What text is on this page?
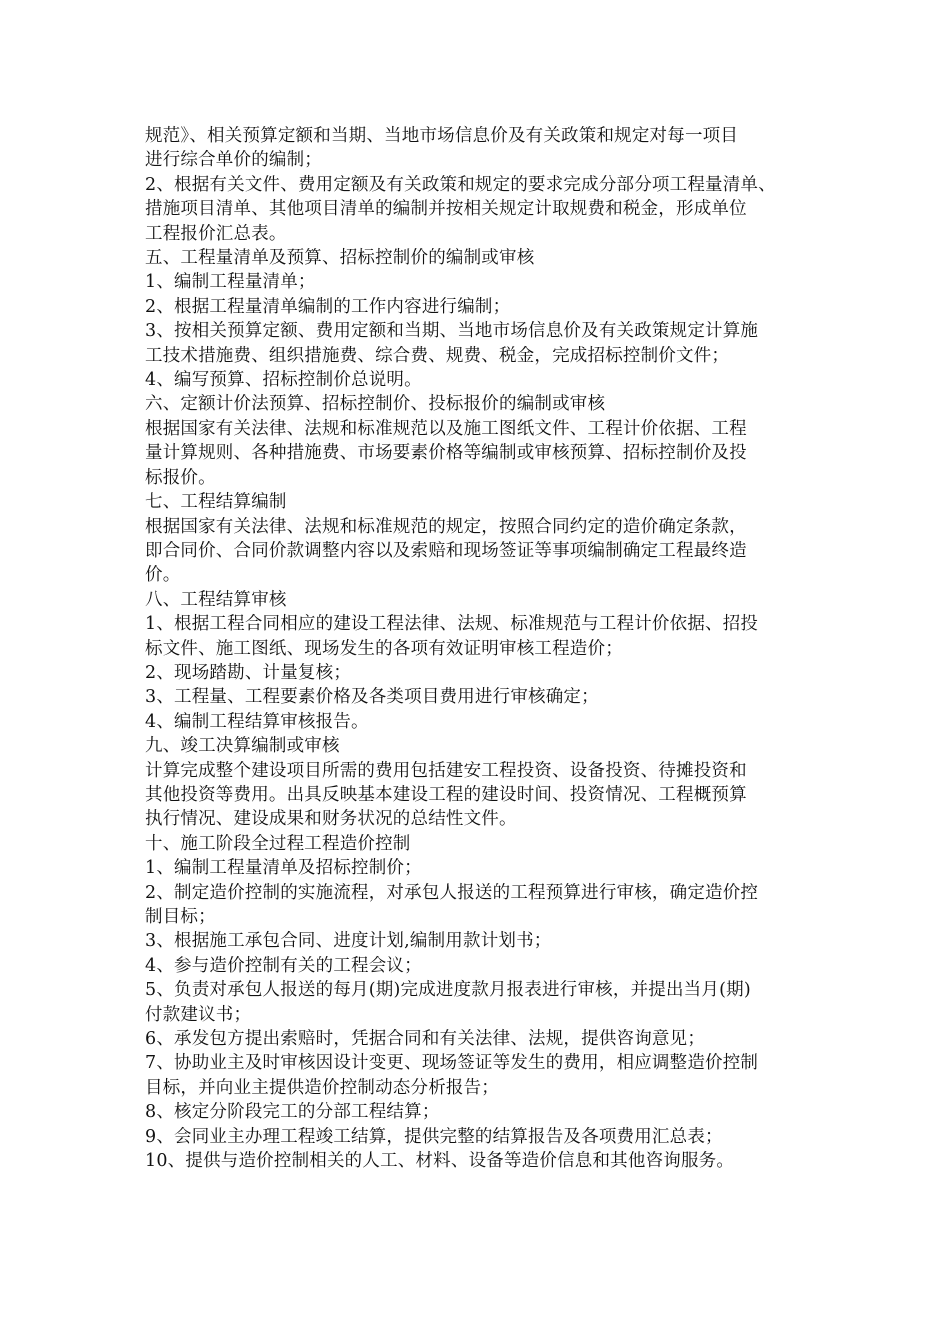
规范》、相关预算定额和当期、当地市场信息价及有关政策和规定对每一项目
进行综合单价的编制；
2、根据有关文件、费用定额及有关政策和规定的要求完成分部分项工程量清单、
措施项目清单、其他项目清单的编制并按相关规定计取规费和税金，形成单位
工程报价汇总表。
五、工程量清单及预算、招标控制价的编制或审核
1、编制工程量清单；
2、根据工程量清单编制的工作内容进行编制；
3、按相关预算定额、费用定额和当期、当地市场信息价及有关政策规定计算施
工技术措施费、组织措施费、综合费、规费、税金，完成招标控制价文件；
4、编写预算、招标控制价总说明。
六、定额计价法预算、招标控制价、投标报价的编制或审核
根据国家有关法律、法规和标准规范以及施工图纸文件、工程计价依据、工程
量计算规则、各种措施费、市场要素价格等编制或审核预算、招标控制价及投
标报价。
七、工程结算编制
根据国家有关法律、法规和标准规范的规定，按照合同约定的造价确定条款，
即合同价、合同价款调整内容以及索赔和现场签证等事项编制确定工程最终造
价。
八、工程结算审核
1、根据工程合同相应的建设工程法律、法规、标准规范与工程计价依据、招投
标文件、施工图纸、现场发生的各项有效证明审核工程造价；
2、现场踏勘、计量复核；
3、工程量、工程要素价格及各类项目费用进行审核确定；
4、编制工程结算审核报告。
九、竣工决算编制或审核
计算完成整个建设项目所需的费用包括建安工程投资、设备投资、待摊投资和
其他投资等费用。出具反映基本建设工程的建设时间、投资情况、工程概预算
执行情况、建设成果和财务状况的总结性文件。
十、施工阶段全过程工程造价控制
1、编制工程量清单及招标控制价；
2、制定造价控制的实施流程，对承包人报送的工程预算进行审核，确定造价控
制目标；
3、根据施工承包合同、进度计划,编制用款计划书；
4、参与造价控制有关的工程会议；
5、负责对承包人报送的每月(期)完成进度款月报表进行审核，并提出当月(期)
付款建议书；
6、承发包方提出索赔时，凭据合同和有关法律、法规，提供咨询意见；
7、协助业主及时审核因设计变更、现场签证等发生的费用，相应调整造价控制
目标，并向业主提供造价控制动态分析报告；
8、核定分阶段完工的分部工程结算；
9、会同业主办理工程竣工结算，提供完整的结算报告及各项费用汇总表；
10、提供与造价控制相关的人工、材料、设备等造价信息和其他咨询服务。
